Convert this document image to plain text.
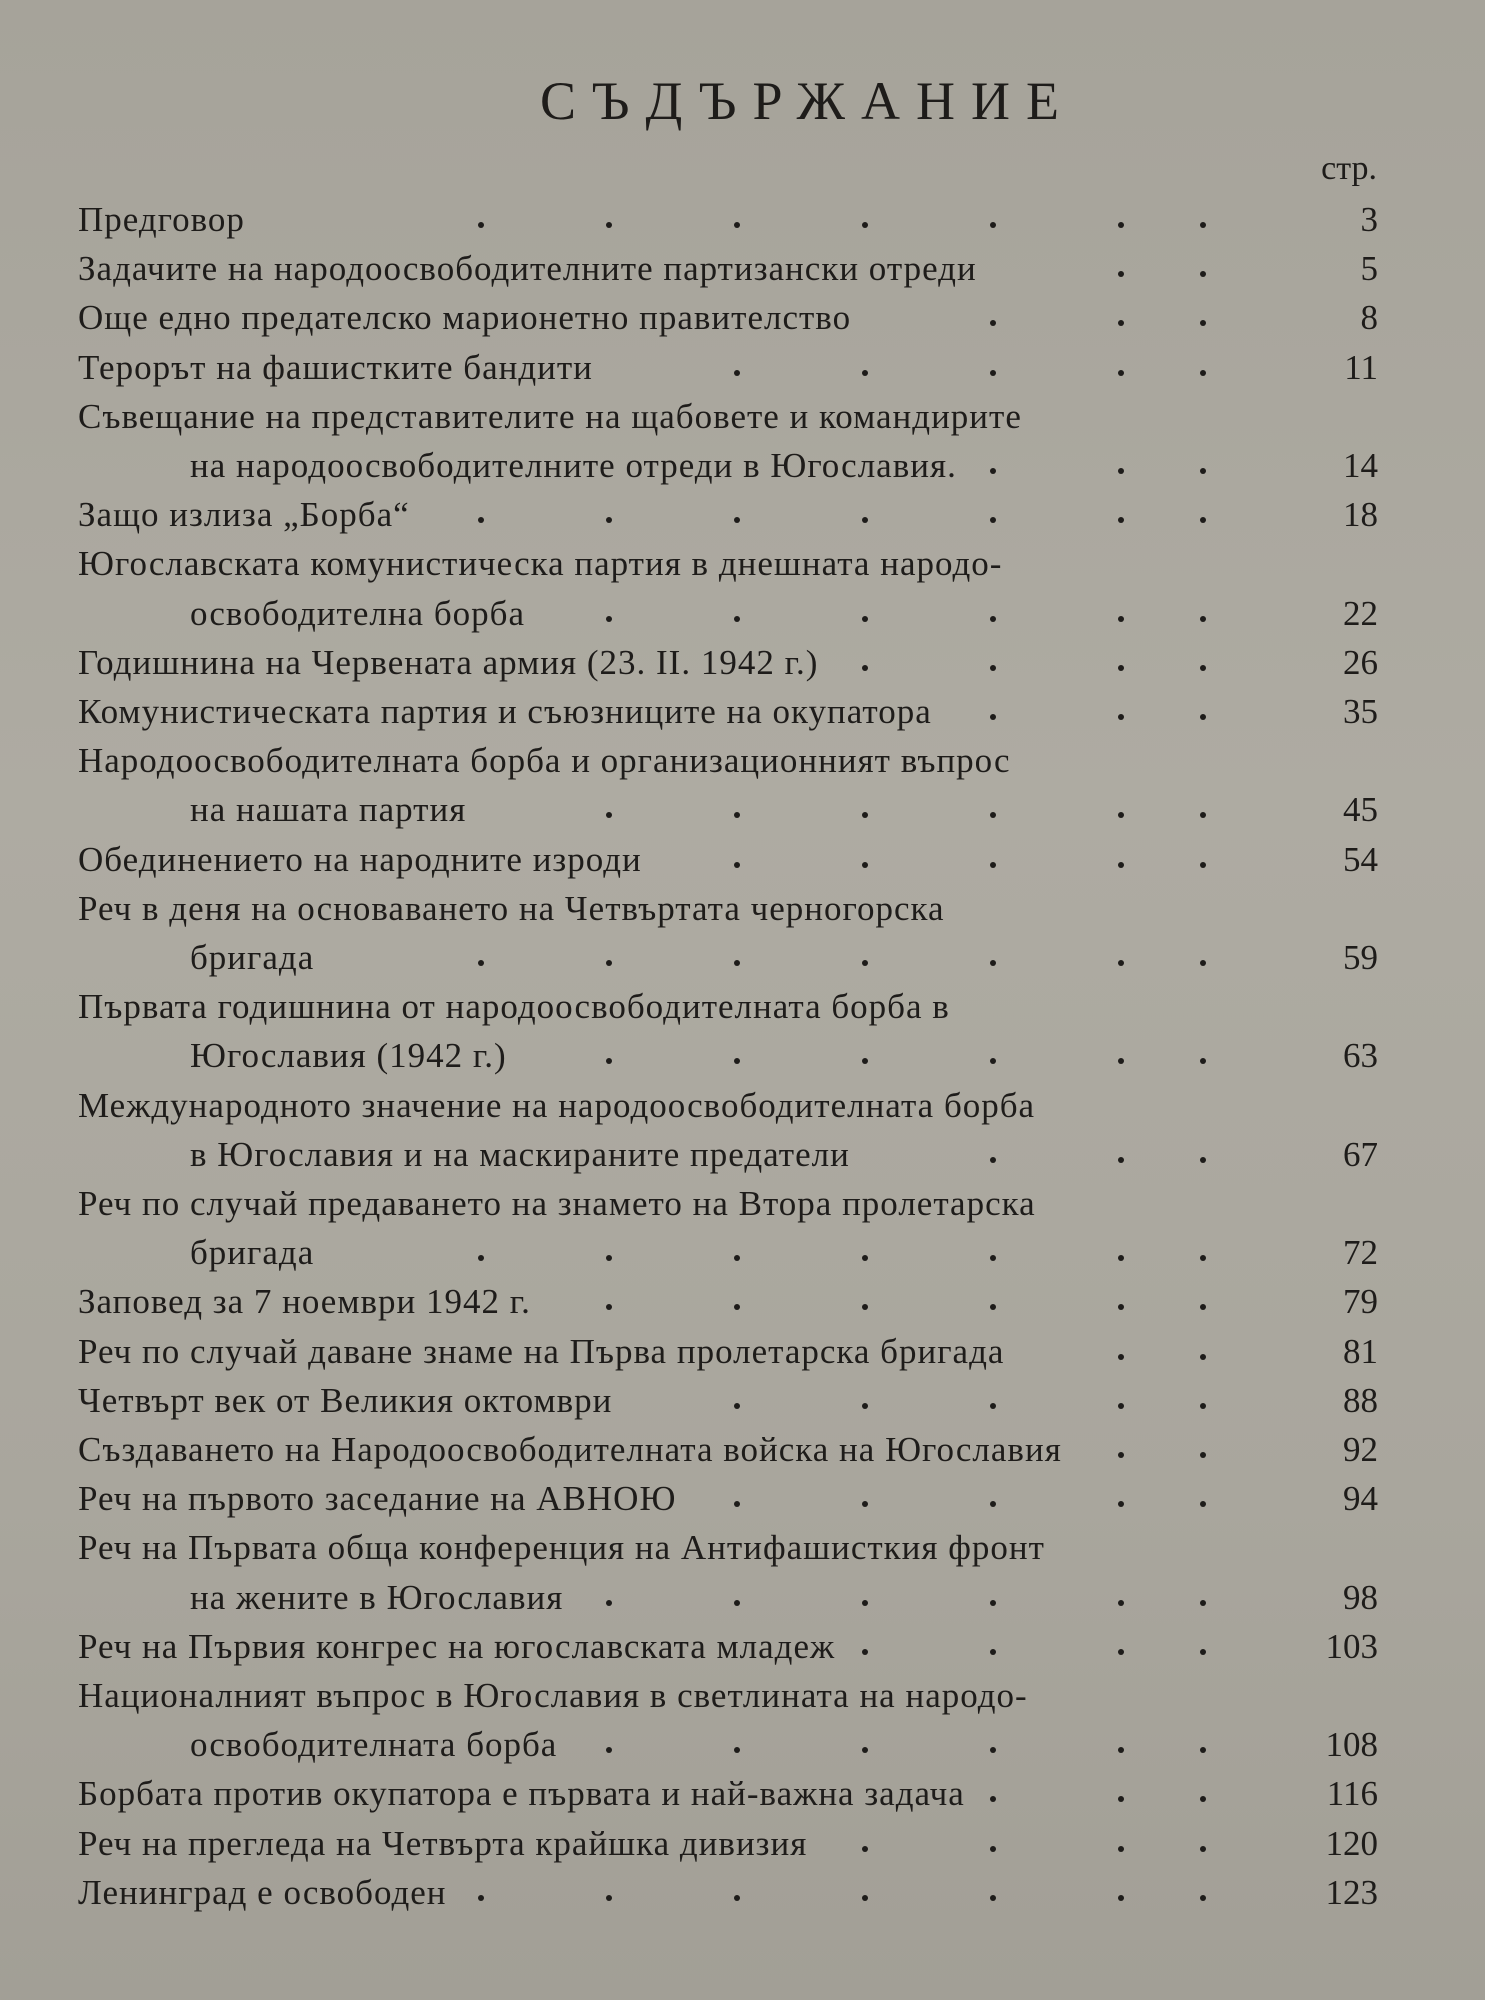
СЪДЪРЖАНИЕ
стр.
Предговор	3
Задачите на народоосвободителните партизански отреди	5
Още едно предателско марионетно правителство	8
Терорът на фашистките бандити	11
Съвещание на представителите на щабовете и командирите
на народоосвободителните отреди в Югославия.	14
Защо излиза „Борба“	18
Югославската комунистическа партия в днешната народо-
освободителна борба	22
Годишнина на Червената армия (23. II. 1942 г.)	26
Комунистическата партия и съюзниците на окупатора	35
Народоосвободителната борба и организационният въпрос
на нашата партия	45
Обединението на народните изроди	54
Реч в деня на основаването на Четвъртата черногорска
бригада	59
Първата годишнина от народоосвободителната борба в
Югославия (1942 г.)	63
Международното значение на народоосвободителната борба
в Югославия и на маскираните предатели	67
Реч по случай предаването на знамето на Втора пролетарска
бригада	72
Заповед за 7 ноември 1942 г.	79
Реч по случай даване знаме на Първа пролетарска бригада	81
Четвърт век от Великия октомври	88
Създаването на Народоосвободителната войска на Югославия	92
Реч на първото заседание на АВНОЮ	94
Реч на Първата обща конференция на Антифашисткия фронт
на жените в Югославия	98
Реч на Първия конгрес на югославската младеж	103
Националният въпрос в Югославия в светлината на народо-
освободителната борба	108
Борбата против окупатора е първата и най-важна задача	116
Реч на прегледа на Четвърта крайшка дивизия	120
Ленинград е освободен	123
